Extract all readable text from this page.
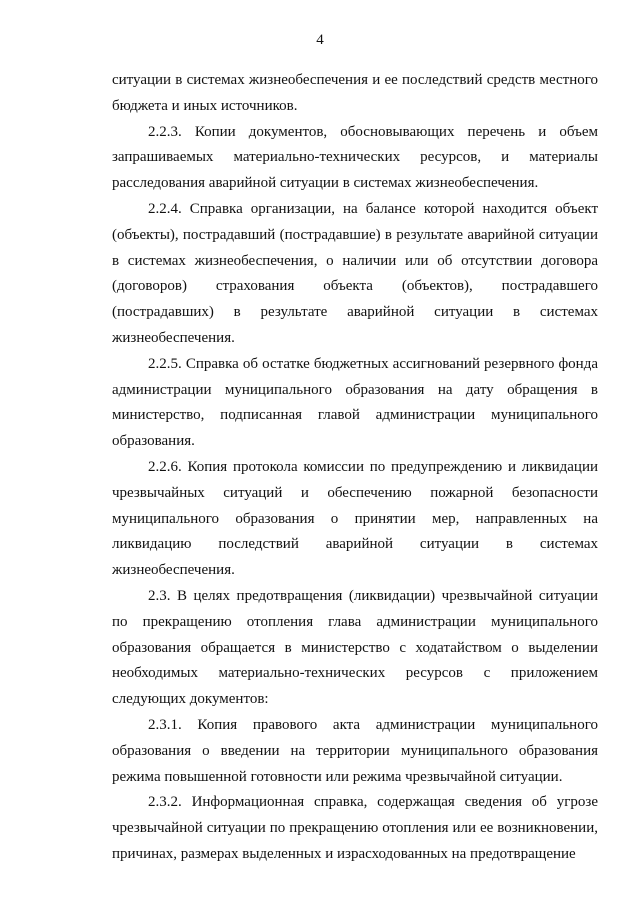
4

ситуации в системах жизнеобеспечения и ее последствий средств местного бюджета и иных источников.

2.2.3. Копии документов, обосновывающих перечень и объем запрашиваемых материально-технических ресурсов, и материалы расследования аварийной ситуации в системах жизнеобеспечения.

2.2.4. Справка организации, на балансе которой находится объект (объекты), пострадавший (пострадавшие) в результате аварийной ситуации в системах жизнеобеспечения, о наличии или об отсутствии договора (договоров) страхования объекта (объектов), пострадавшего (пострадавших) в результате аварийной ситуации в системах жизнеобеспечения.

2.2.5. Справка об остатке бюджетных ассигнований резервного фонда администрации муниципального образования на дату обращения в министерство, подписанная главой администрации муниципального образования.

2.2.6. Копия протокола комиссии по предупреждению и ликвидации чрезвычайных ситуаций и обеспечению пожарной безопасности муниципального образования о принятии мер, направленных на ликвидацию последствий аварийной ситуации в системах жизнеобеспечения.

2.3. В целях предотвращения (ликвидации) чрезвычайной ситуации по прекращению отопления глава администрации муниципального образования обращается в министерство с ходатайством о выделении необходимых материально-технических ресурсов с приложением следующих документов:

2.3.1. Копия правового акта администрации муниципального образования о введении на территории муниципального образования режима повышенной готовности или режима чрезвычайной ситуации.

2.3.2. Информационная справка, содержащая сведения об угрозе чрезвычайной ситуации по прекращению отопления или ее возникновении, причинах, размерах выделенных и израсходованных на предотвращение
